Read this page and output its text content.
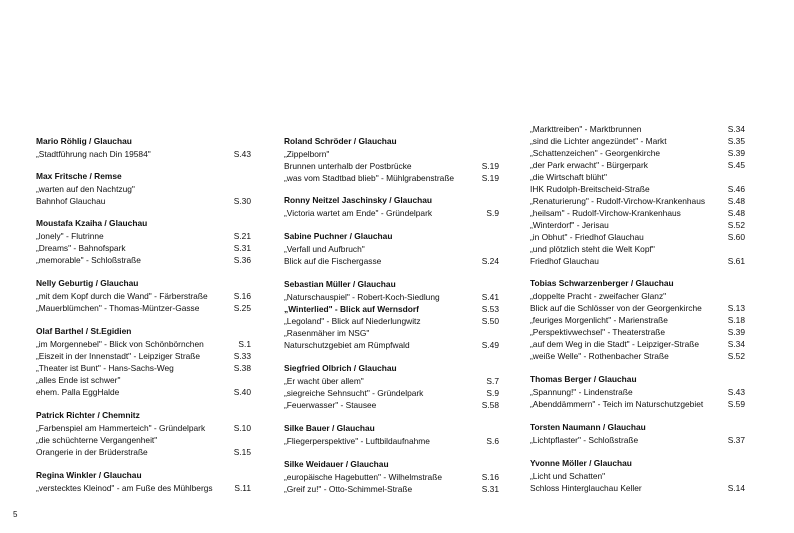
Mario Röhlig / Glauchau
„Stadtführung nach Din 19584"	S.43
Max Fritsche / Remse
„warten auf den Nachtzug"
Bahnhof Glauchau	S.30
Moustafa Kzaiha / Glauchau
„lonely" - Flutrinne	S.21
„Dreams" - Bahnofspark	S.31
„memorable" - Schloßstraße	S.36
Nelly Geburtig / Glauchau
„mit dem Kopf durch die Wand" - Färberstraße	S.16
„Mauerblümchen" - Thomas-Müntzer-Gasse	S.25
Olaf Barthel / St.Egidien
„im Morgennebel" - Blick von Schönbörnchen	S.1
„Eiszeit in der Innenstadt" - Leipziger Straße	S.33
„Theater ist Bunt" - Hans-Sachs-Weg	S.38
„alles Ende ist schwer"
ehem. Palla EggHalde	S.40
Patrick Richter / Chemnitz
„Farbenspiel am Hammerteich" - Gründelpark	S.10
„die schüchterne Vergangenheit"
Orangerie in der Brüderstraße	S.15
Regina Winkler / Glauchau
„verstecktes Kleinod" - am Fuße des Mühlbergs	S.11
Roland Schröder / Glauchau
„Zippelborn"
Brunnen unterhalb der Postbrücke	S.19
„was vom Stadtbad blieb" - Mühlgrabenstraße	S.19
Ronny Neitzel Jaschinsky / Glauchau
„Victoria wartet am Ende" - Gründelpark	S.9
Sabine Puchner / Glauchau
„Verfall und Aufbruch"
Blick auf die Fischergasse	S.24
Sebastian Müller / Glauchau
„Naturschauspiel" - Robert-Koch-Siedlung	S.41
„Winterlied" - Blick auf Wernsdorf	S.53
„Legoland" - Blick auf Niederlungwitz	S.50
„Rasenmäher im NSG"
Naturschutzgebiet am Rümpfwald	S.49
Siegfried Olbrich / Glauchau
„Er wacht über allem"	S.7
„siegreiche Sehnsucht" - Gründelpark	S.9
„Feuerwasser" - Stausee	S.58
Silke Bauer / Glauchau
„Fliegerperspektive" - Luftbildaufnahme	S.6
Silke Weidauer / Glauchau
„europäische Hagebutten" - Wilhelmstraße	S.16
„Greif zu!" - Otto-Schimmel-Straße	S.31
„Markttreiben" - Marktbrunnen	S.34
„sind die Lichter angezündet" - Markt	S.35
„Schattenzeichen" - Georgenkirche	S.39
„der Park erwacht" - Bürgerpark	S.45
„die Wirtschaft blüht"
IHK Rudolph-Breitscheid-Straße	S.46
„Renaturierung" - Rudolf-Virchow-Krankenhaus	S.48
„heilsam" - Rudolf-Virchow-Krankenhaus	S.48
„Winterdorf" - Jerisau	S.52
„in Obhut" - Friedhof Glauchau	S.60
„und plötzlich steht die Welt Kopf"
Friedhof Glauchau	S.61
Tobias Schwarzenberger / Glauchau
„doppelte Pracht - zweifacher Glanz"
Blick auf die Schlösser von der Georgenkirche	S.13
„feuriges Morgenlicht" - Marienstraße	S.18
„Perspektivwechsel" - Theaterstraße	S.39
„auf dem Weg in die Stadt" - Leipziger-Straße	S.34
„weiße Welle" - Rothenbacher Straße	S.52
Thomas Berger / Glauchau
„Spannung!" - Lindenstraße	S.43
„Abenddämmern" - Teich im Naturschutzgebiet	S.59
Torsten Naumann / Glauchau
„Lichtpflaster" - Schloßstraße	S.37
Yvonne Möller / Glauchau
„Licht und Schatten"
Schloss Hinterglauchau Keller	S.14
5
